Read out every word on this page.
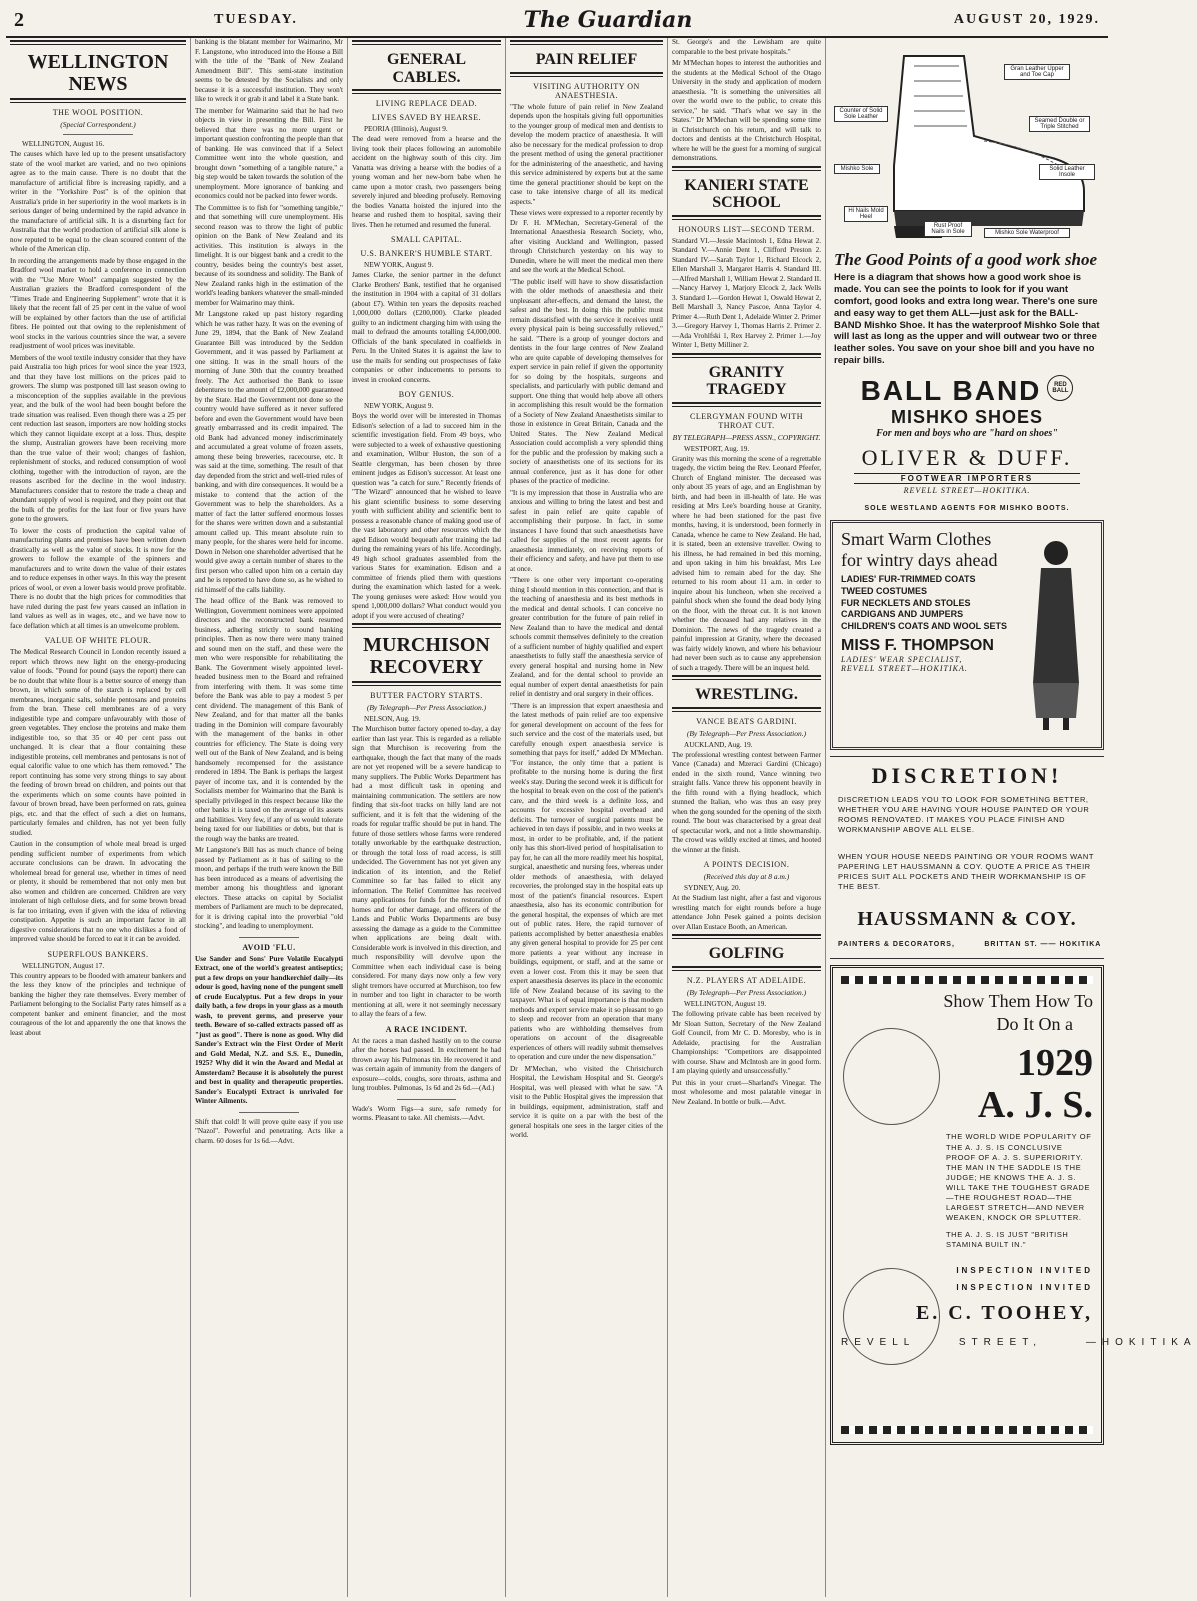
2	TUESDAY.	The Guardian	AUGUST 20, 1929.
WELLINGTON NEWS
THE WOOL POSITION.
(Special Correspondent.)
WELLINGTON, August 16.

The causes which have led up to the present unsatisfactory state of the wool market are varied, and no two opinions agree as to the main cause. There is no doubt that the manufacture of artificial fibre is increasing rapidly, and a writer in the "Yorkshire Post" is of the opinion that Australia's pride in her superiority in the wool markets is in serious danger of being undermined by the rapid advance in the manufacture of artificial silk. It is a disturbing fact for Australia that the world production of artificial silk alone is now reputed to be equal to the clean scoured content of the whole of the American clip.

In recording the arrangements made by those engaged in the Bradford wool market to hold a conference in connection with the "Use More Wool" campaign suggested by the Australian graziers the Bradford correspondent of the "Times Trade and Engineering Supplement" wrote that it is likely that the recent fall of 25 per cent in the value of wool will be explained by other factors than the use of artificial fibres. He pointed out that owing to the replenishment of wool stocks in the various countries since the war, a severe readjustment of wool prices was inevitable.

Members of the wool textile industry consider that they have paid Australia too high prices for wool since the year 1923, and that they have lost millions on the prices paid to growers. The slump was postponed till last season owing to a misconception of the supplies available in the previous year, and the bulk of the wool had been bought before the trade situation was realised. Even though there was a 25 per cent reduction last season, importers are now holding stocks which they cannot liquidate except at a loss. Thus, despite the slump, Australian growers have been receiving more than the true value of their wool; changes of fashion, replenishment of stocks, and reduced consumption of wool clothing, together with the introduction of rayon, are the reasons ascribed for the decline in the wool industry. Manufacturers consider that to restore the trade a cheap and abundant supply of wool is required, and they point out that the bulk of the profits for the last four or five years have gone to the growers.

To lower the costs of production the capital value of manufacturing plants and premises have been written down drastically as well as the value of stocks. It is now for the growers to follow the example of the spinners and manufacturers and to write down the value of their estates and to reduce expenses in other ways. In this way the present prices of wool, or even a lower basis would prove profitable. There is no doubt that the high prices for commodities that have ruled during the past few years caused an inflation in land values as well as in wages, etc., and we have now to face deflation which at all times is an unwelcome problem.

VALUE OF WHITE FLOUR.

The Medical Research Council in London recently issued a report which throws new light on the energy-producing value of foods. "Pound for pound (says the report) there can be no doubt that white flour is a better source of energy than brown, in which some of the starch is replaced by cell membranes, inorganic salts, soluble pentosans and proteins from the bran. These cell membranes are of a very indigestible type and compare unfavourably with those of green vegetables. They enclose the proteins and make them indigestible too, so that 35 or 40 per cent pass out unchanged. It is clear that a flour containing these indigestible proteins, cell membranes and pentosans is not of equal calorific value to one which has them removed." The report continuing has some very strong things to say about the feeding of brown bread on children, and points out that the experiments which on some counts have pointed in favour of brown bread, have been performed on rats, guinea pigs, etc. and that the effect of such a diet on humans, particularly females and children, has not yet been fully studied.

Caution in the consumption of whole meal bread is urged pending sufficient number of experiments from which accurate conclusions can be drawn. In advocating the wholemeal bread for general use, whether in times of need or plenty, it should be remembered that not only men but also women and children are concerned. Children are very intolerant of high cellulose diets, and for some brown bread is far too irritating, even if given with the idea of relieving constipation. Appetite is such an important factor in all digestive considerations that no one who dislikes a food of improved value should be forced to eat it it can be avoided.

SUPERFLOUS BANKERS.
WELLINGTON, August 17.

This country appears to be flooded with amateur bankers and the less they know of the principles and technique of banking the higher they rate themselves. Every member of Parliament belonging to the Socialist Party rates himself as a competent banker and eminent financier, and the most courageous of the lot and apparently the one that knows the least about

banking is the blatant member for Waimarino, Mr F. Langstone, who introduced into the House a Bill with the title of the "Bank of New Zealand Amendment Bill". This semi-state institution seems to be detested by the Socialists and only because it is a successful institution. They won't like to wreck it or grab it and label it a State bank.

The member for Waimarino said that he had two objects in view in presenting the Bill. First he believed that there was no more urgent or important question confronting the people than that of banking. He was convinced that if a Select Committee went into the whole question, and brought down "something of a tangible nature," a big step would be taken towards the solution of the unemployment. More ignorance of banking and economics could not be packed into fewer words.

The Committee is to fish for "something tangible," and that something will cure unemployment. His second reason was to throw the light of public opinion on the Bank of New Zealand and its activities. This institution is always in the limelight. It is our biggest bank and a credit to the country, besides being the country's best asset, because of its soundness and solidity. The Bank of New Zealand ranks high in the estimation of the world's leading bankers whatever the small-minded member for Waimarino may think.

Mr Langstone raked up past history regarding which he was rather hazy. It was on the evening of June 29, 1894, that the Bank of New Zealand Guarantee Bill was introduced by the Seddon Government, and it was passed by Parliament at one sitting. It was in the small hours of the morning of June 30th that the country breathed freely. The Act authorised the Bank to issue debentures to the amount of £2,000,000 guaranteed by the State. Had the Government not done so the country would have suffered as it never suffered before and even the Government would have been greatly embarrassed and its credit impaired. The old Bank had advanced money indiscriminately and accumulated a great volume of frozen assets, among these being breweries, racecourse, etc. It was said at the time, something. The result of that day depended from the strict and well-tried rules of banking, and with dire consequences. It would be a mistake to contend that the action of the Government was to help the shareholders. As a matter of fact the latter suffered enormous losses for the shares were written down and a substantial amount called up. This meant absolute ruin to many people, for the shares were held for income. Down in Nelson one shareholder advertised that he would give away a certain number of shares to the first person who called upon him on a certain day and he is reported to have done so, as he wished to rid himself of the calls liability.

The head office of the Bank was removed to Wellington, Government nominees were appointed directors and the reconstructed bank resumed business, adhering strictly to sound banking principles. Then as now there were many trained and sound men on the staff, and these were the men who were responsible for rehabilitating the Bank. The Government wisely appointed level-headed business men to the Board and refrained from interfering with them. It was some time before the Bank was able to pay a modest 5 per cent dividend. The management of this Bank of New Zealand, and for that matter all the banks trading in the Dominion will compare favourably with the management of the banks in other countries for efficiency. The State is doing very well out of the Bank of New Zealand, and is being handsomely recompensed for the assistance rendered in 1894. The Bank is perhaps the largest payer of income tax, and it is contended by the Socialists member for Waimarino that the Bank is specially privileged in this respect because like the other banks it is taxed on the average of its assets and liabilities. Very few, if any of us would tolerate being taxed for our liabilities or debts, but that is the rough way the banks are treated.

Mr Langstone's Bill has as much chance of being passed by Parliament as it has of sailing to the moon, and perhaps if the truth were known the Bill has been introduced as a means of advertising the member among his thoughtless and ignorant electors. These attacks on capital by Socialist members of Parliament are much to be deprecated, for it is driving capital into the proverbial "old stocking", and leading to unemployment.

AVOID 'FLU.

Use Sander and Sons' Pure Volatile Eucalypti Extract, one of the world's greatest antiseptics; put a few drops on your handkerchief daily—its odour is good, having none of the pungent smell of crude Eucalyptus. Put a few drops in your daily bath, a few drops in your glass as a mouth wash, to prevent germs, and preserve your teeth. Beware of so-called extracts passed off as "just as good". There is none as good. Why did Sander's Extract win the First Order of Merit and Gold Medal, N.Z. and S.S. E., Dunedin, 1925? Why did it win the Award and Medal at Amsterdam? Because it is absolutely the purest and best in quality and therapeutic properties. Sander's Eucalypti Extract is unrivaled for Winter Ailments.

Shift that cold! It will prove quite easy if you use "Nazol". Powerful and penetrating. Acts like a charm. 60 doses for 1s 6d.—Advt.

GENERAL CABLES.
LIVING REPLACE DEAD.
LIVES SAVED BY HEARSE.
PEORIA (Illinois), August 9.

The dead were removed from a hearse and the living took their places following an automobile accident on the highway south of this city. Jim Vanatta was driving a hearse with the bodies of a young woman and her new-born babe when he came upon a motor crash, two passengers being severely injured and bleeding profusely. Removing the bodies Vanatta hoisted the injured into the hearse and rushed them to hospital, saving their lives. Then he returned and resumed the funeral.

SMALL CAPITAL.
U.S. BANKER'S HUMBLE START.
NEW YORK, August 9.

James Clarke, the senior partner in the defunct Clarke Brothers' Bank, testified that he organised the institution in 1904 with a capital of 31 dollars (about £7). Within ten years the deposits reached 1,000,000 dollars (£200,000). Clarke pleaded guilty to an indictment charging him with using the mail to defraud the amounts totalling £4,000,000. Officials of the bank speculated in coalfields in Peru. In the United States it is against the law to use the mails for sending out prospectuses of fake companies or other inducements to persons to invest in crooked concerns.

BOY GENIUS.
NEW YORK, August 9.

Boys the world over will be interested in Thomas Edison's selection of a lad to succeed him in the scientific investigation field. From 49 boys, who were subjected to a week of exhaustive questioning and examination, Wilbur Huston, the son of a Seattle clergyman, has been chosen by three eminent judges as Edison's successor. At least one question was "a catch for sure." Recently friends of "The Wizard" announced that he wished to leave his giant scientific business to some deserving youth with sufficient ability and scientific bent to possess a reasonable chance of making good use of the vast laboratory and other resources which the aged Edison would bequeath after training the lad during the remaining years of his life. Accordingly, 49 high school graduates assembled from the various States for examination. Edison and a committee of friends plied them with questions during the examination which lasted for a week. The young geniuses were asked: How would you spend 1,000,000 dollars? What conduct would you adopt if you were accused of cheating?

MURCHISON RECOVERY
BUTTER FACTORY STARTS.
(By Telegraph—Per Press Association.)
NELSON, Aug. 19.

The Murchison butter factory opened to-day, a day earlier than last year. This is regarded as a reliable sign that Murchison is recovering from the earthquake, though the fact that many of the roads are not yet reopened will be a severe handicap to many suppliers. The Public Works Department has had a most difficult task in opening and maintaining communication. The settlers are now finding that six-foot tracks on hilly land are not sufficient, and it is felt that the widening of the roads for regular traffic should be put in hand. The future of those settlers whose farms were rendered totally unworkable by the earthquake destruction, or through the total loss of road access, is still undecided. The Government has not yet given any indication of its intention, and the Relief Committee so far has failed to elicit any information. The Relief Committee has received many applications for funds for the restoration of homes and for other damage, and officers of the Lands and Public Works Departments are busy assessing the damage as a guide to the Committee when applications are being dealt with. Considerable work is involved in this direction, and much responsibility will devolve upon the Committee when each individual case is being considered. For many days now only a few very slight tremors have occurred at Murchison, too few in number and too light in character to be worth mentioning at all, were it not seemingly necessary to allay the fears of a few.

A RACE INCIDENT.

At the races a man dashed hastily on to the course after the horses had passed. In excitement he had thrown away his Pulmonas tin. He recovered it and was certain again of immunity from the dangers of exposure—colds, coughs, sore throats, asthma and lung troubles. Pulmonas, 1s 6d and 2s 6d.—(Ad.)

Wade's Worm Figs—a sure, safe remedy for worms. Pleasant to take. All chemists.—Advt.

PAIN RELIEF
VISITING AUTHORITY ON ANAESTHESIA.

"The whole future of pain relief in New Zealand depends upon the hospitals giving full opportunities to the younger group of medical men and dentists to develop the modern practice of anaesthesia. It will also be necessary for the medical profession to drop the present method of using the general practitioner for the administering of the anaesthetic, and having this service administered by experts but at the same time the general practitioner should be kept on the case to take intensive charge of all its medical aspects."

These views were expressed to a reporter recently by Dr F. H. M'Mechan, Secretary-General of the International Anaesthesia Research Society, who, after visiting Auckland and Wellington, passed through Christchurch yesterday on his way to Dunedin, where he will meet the medical men there and see the work at the Medical School.

"The public itself will have to show dissatisfaction with the older methods of anaesthesia and their unpleasant after-effects, and demand the latest, the safest and the best. In doing this the public must remain dissatisfied with the service it receives until every physical pain is being successfully relieved," he said. "There is a group of younger doctors and dentists in the four large centres of New Zealand who are quite capable of developing themselves for expert service in pain relief if given the opportunity for so doing by the hospitals, surgeons and specialists, and particularly with public demand and support. One thing that would help above all others in accomplishing this result would be the formation of a Society of New Zealand Anaesthetists similar to those in existence in Great Britain, Canada and the United States. The New Zealand Medical Association could accomplish a very splendid thing for the public and the profession by making such a society of anaesthetists one of its sections for its annual conference, just as it has done for other phases of the practice of medicine.

"It is my impression that those in Australia who are anxious and willing to bring the latest and best and safest in pain relief are quite capable of accomplishing their purpose. In fact, in some instances I have found that such anaesthetists have called for supplies of the most recent agents for anaesthesia immediately, on receiving reports of their efficiency and safety, and have put them to use at once.

"There is one other very important co-operating thing I should mention in this connection, and that is the teaching of anaesthesia and its best methods in the medical and dental schools. I can conceive no greater contribution for the future of pain relief in New Zealand than to have the medical and dental schools commit themselves definitely to the creation of a sufficient number of highly qualified and expert anaesthetists to fully staff the anaesthesia service of every general hospital and nursing home in New Zealand, and for the dental school to provide an equal number of expert dental anaesthetists for pain relief in dentistry and oral surgery in their offices.

"There is an impression that expert anaesthesia and the latest methods of pain relief are too expensive for general development on account of the fees for such service and the cost of the materials used, but carefully enough expert anaesthesia service is something that pays for itself," added Dr M'Mechan. "For instance, the only time that a patient is profitable to the nursing home is during the first week's stay. During the second week it is difficult for the hospital to break even on the cost of the patient's care, and the third week is a definite loss, and accounts for excessive hospital overhead and deficits. The turnover of surgical patients must be achieved in ten days if possible, and in two weeks at most, in order to be profitable, and, if the patient only has this short-lived period of hospitalisation to pay for, he can all the more readily meet his hospital, surgical, anaesthetic and nursing fees, whereas under older methods of anaesthesia, with delayed recoveries, the prolonged stay in the hospital eats up most of the patient's financial resources. Expert anaesthesia, also has its economic contribution for the general hospital, the expenses of which are met out of public rates. Here, the rapid turnover of patients accomplished by better anaesthesia enables any given general hospital to provide for 25 per cent more patients a year without any increase in buildings, equipment, or staff, and at the same or even a lower cost. From this it may be seen that expert anaesthesia deserves its place in the economic life of New Zealand because of its saving to the taxpayer. What is of equal importance is that modern methods and expert service make it so pleasant to go to sleep and recover from an operation that many patients who are withholding themselves from operations on account of the disagreeable experiences of others will readily submit themselves to operation and cure under the new dispensation."

Dr M'Mechan, who visited the Christchurch Hospital, the Lewisham Hospital and St. George's Hospital, was well pleased with what he saw. "A visit to the Public Hospital gives the impression that in buildings, equipment, administration, staff and service it is quite on a par with the best of the general hospitals one sees in the larger cities of the world.

St. George's and the Lewisham are quite comparable to the best private hospitals."

Mr M'Mechan hopes to interest the authorities and the students at the Medical School of the Otago University in the study and application of modern anaesthesia. "It is something the universities all over the world owe to the public, to create this service," he said. "That's what we say in the States." Dr M'Mechan will be spending some time in Christchurch on his return, and will talk to doctors and dentists at the Christchurch Hospital, where he will be the guest for a morning of surgical demonstrations.

KANIERI STATE SCHOOL
HONOURS LIST—SECOND TERM.

Standard VI.—Jessie Macintosh 1, Edna Hewat 2. Standard V.—Annie Dent 1, Clifford Preston 2. Standard IV.—Sarah Taylor 1, Richard Elcock 2, Ellen Marshall 3, Margaret Harris 4. Standard III.—Alfred Marshall 1, William Hewat 2. Standard II.—Nancy Harvey 1, Marjory Elcock 2, Jack Wells 3. Standard I.—Gordon Hewat 1, Oswald Hewat 2, Bell Marshall 3, Nancy Pascoe, Anna Taylor 4. Primer 4.—Ruth Dent 1, Adelaide Winter 2. Primer 3.—Gregory Harvey 1, Thomas Harris 2. Primer 2.—Ada Vrohlfski 1, Rex Harvey 2. Primer 1.—Joy Winter 1, Betty Milliner 2.

GRANITY TRAGEDY
CLERGYMAN FOUND WITH THROAT CUT.
BY TELEGRAPH—PRESS ASSN., COPYRIGHT.
WESTPORT, Aug. 19.

Granity was this morning the scene of a regrettable tragedy, the victim being the Rev. Leonard Pfeefer, Church of England minister. The deceased was only about 35 years of age, and an Englishman by birth, and had been in ill-health of late. He was residing at Mrs Lee's boarding house at Granity, where he had been stationed for the past five months, having, it is understood, been formerly in Canada, whence he came to New Zealand. He had, it is stated, been an extensive traveller. Owing to his illness, he had remained in bed this morning, and upon taking in him his breakfast, Mrs Lee advised him to remain abed for the day. She returned to his room about 11 a.m. in order to inquire about his luncheon, when she received a painful shock when she found the dead body lying on the floor, with the throat cut. It is not known whether the deceased had any relatives in the Dominion. The news of the tragedy created a painful impression at Granity, where the deceased was fairly widely known, and where his behaviour had never been such as to cause any apprehension of such a tragedy. There will be an inquest held.

WRESTLING.
VANCE BEATS GARDINI.
(By Telegraph—Per Press Association.)
AUCKLAND, Aug. 19.

The professional wrestling contest between Farmer Vance (Canada) and Mzeraci Gardini (Chicago) ended in the sixth round, Vance winning two straight falls. Vance threw his opponent heavily in the fifth round with a flying headlock, which stunned the Italian, who was thus an easy prey when the gong sounded for the opening of the sixth round. The bout was characterised by a great deal of spectacular work, and not a little showmanship. The crowd was wildly excited at times, and hooted the winner at the finish.

A POINTS DECISION.
(Received this day at 8 a.m.)
SYDNEY, Aug. 20.

At the Stadium last night, after a fast and vigorous wrestling match for eight rounds before a huge attendance John Pesek gained a points decision over Allan Eustace Booth, an American.

GOLFING
N.Z. PLAYERS AT ADELAIDE.
(By Telegraph—Per Press Association.)
WELLINGTON, August 19.

The following private cable has been received by Mr Sloan Sutton, Secretary of the New Zealand Golf Council, from Mr C. D. Moresby, who is in Adelaide, practising for the Australian Championships: "Competitors are disappointed with course. Shaw and McIntosh are in good form. I am playing quietly and unsuccessfully."

Put this in your cruet—Sharland's Vinegar. The most wholesome and most palatable vinegar in New Zealand. In bottle or bulk.—Advt.

Gran Leather Upper and Toe Cap
Counter of Solid Sole Leather
Seamed Double or Triple Stitched
Solid Leather Insole
Mishko Sole
Hi Nails Mold Heel
Rust Proof Nails in Sole	Mishko Sole Waterproof
The Good Points of a good work shoe
Here is a diagram that shows how a good work shoe is made. You can see the points to look for if you want comfort, good looks and extra long wear. There's one sure and easy way to get them ALL—just ask for the BALL-BAND Mishko Shoe. It has the waterproof Mishko Sole that will last as long as the upper and will outwear two or three leather soles. You save on your shoe bill and you have no repair bills.
BALL BAND	RED BALL
MISHKO SHOES
For men and boys who are "hard on shoes"
OLIVER & DUFF.
FOOTWEAR IMPORTERS
REVELL STREET—HOKITIKA.
SOLE WESTLAND AGENTS FOR MISHKO BOOTS.
Smart Warm Clothes for wintry days ahead
LADIES' FUR-TRIMMED COATS
TWEED COSTUMES
FUR NECKLETS AND STOLES
CARDIGANS AND JUMPERS
CHILDREN'S COATS AND WOOL SETS
MISS F. THOMPSON
LADIES' WEAR SPECIALIST,
REVELL STREET—HOKITIKA.
DISCRETION!
DISCRETION LEADS YOU TO LOOK FOR SOMETHING BETTER, WHETHER YOU ARE HAVING YOUR HOUSE PAINTED OR YOUR ROOMS RENOVATED. IT MAKES YOU PLACE FINISH AND WORKMANSHIP ABOVE ALL ELSE.
WHEN YOUR HOUSE NEEDS PAINTING OR YOUR ROOMS WANT PAPERING LET HAUSSMANN & COY. QUOTE A PRICE AS THEIR PRICES SUIT ALL POCKETS AND THEIR WORKMANSHIP IS OF THE BEST.
HAUSSMANN & COY.
PAINTERS & DECORATORS,          BRITTAN ST. —— HOKITIKA
Show Them How To
Do It On a
1929
A. J. S.
THE WORLD WIDE POPULARITY OF THE A. J. S. IS CONCLUSIVE PROOF OF A. J. S. SUPERIORITY. THE MAN IN THE SADDLE IS THE JUDGE; HE KNOWS THE A. J. S. WILL TAKE THE TOUGHEST GRADE—THE ROUGHEST ROAD—THE LARGEST STRETCH—AND NEVER WEAKEN, KNOCK OR SPLUTTER.
THE A. J. S. IS JUST "BRITISH STAMINA BUILT IN."
INSPECTION INVITED
INSPECTION INVITED
E. C. TOOHEY,
REVELL     STREET,     —HOKITIKA
